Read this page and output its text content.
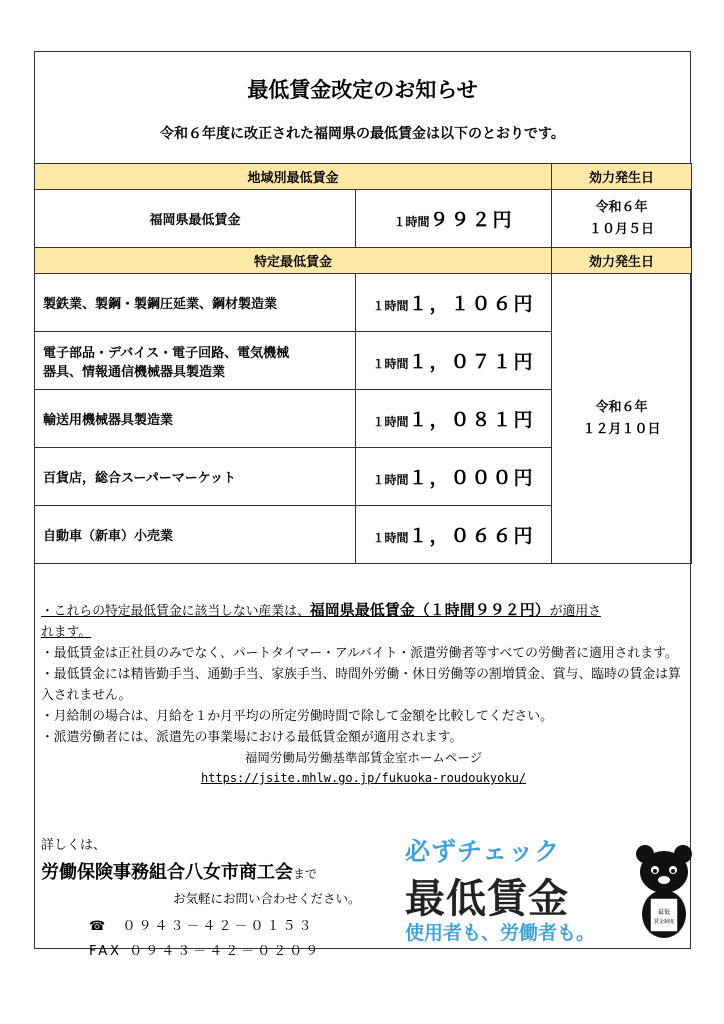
最低賃金改定のお知らせ
令和６年度に改正された福岡県の最低賃金は以下のとおりです。
地域別最低賃金		効力発生日
福岡県最低賃金	１時間９９２円	令和６年
１０月５日

特定最低賃金		効力発生日
製鉄業、製鋼・製鋼圧延業、鋼材製造業	１時間１，１０６円	令和６年
１２月１０日

電子部品・デバイス・電子回路、電気機械
器具、情報通信機械器具製造業	１時間１，０７１円	
輸送用機械器具製造業	１時間１，０８１円	
百貨店，総合スーパーマーケット	１時間１，０００円	
自動車（新車）小売業	１時間１，０６６円	

・これらの特定最低賃金に該当しない産業は、福岡県最低賃金（１時間９９２円）が適用さ
れます。

・最低賃金は正社員のみでなく、パートタイマー・アルバイト・派遣労働者等すべての労働者に適用されます。

・最低賃金には精皆勤手当、通勤手当、家族手当、時間外労働・休日労働等の割増賃金、賞与、臨時の賃金は算入されません。

・月給制の場合は、月給を１か月平均の所定労働時間で除して金額を比較してください。

・派遣労働者には、派遣先の事業場における最低賃金額が適用されます。

福岡労働局労働基準部賃金室ホームページ

https://jsite.mhlw.go.jp/fukuoka-roudoukyoku/

詳しくは、
労働保険事務組合八女市商工会まで
お気軽にお問い合わせください。
☎ ０９４３－４２－０１５３
FAX ０９４３－４２－０２０９
必ずチェック
最低賃金
使用者も、労働者も。
最低
賃金制度
